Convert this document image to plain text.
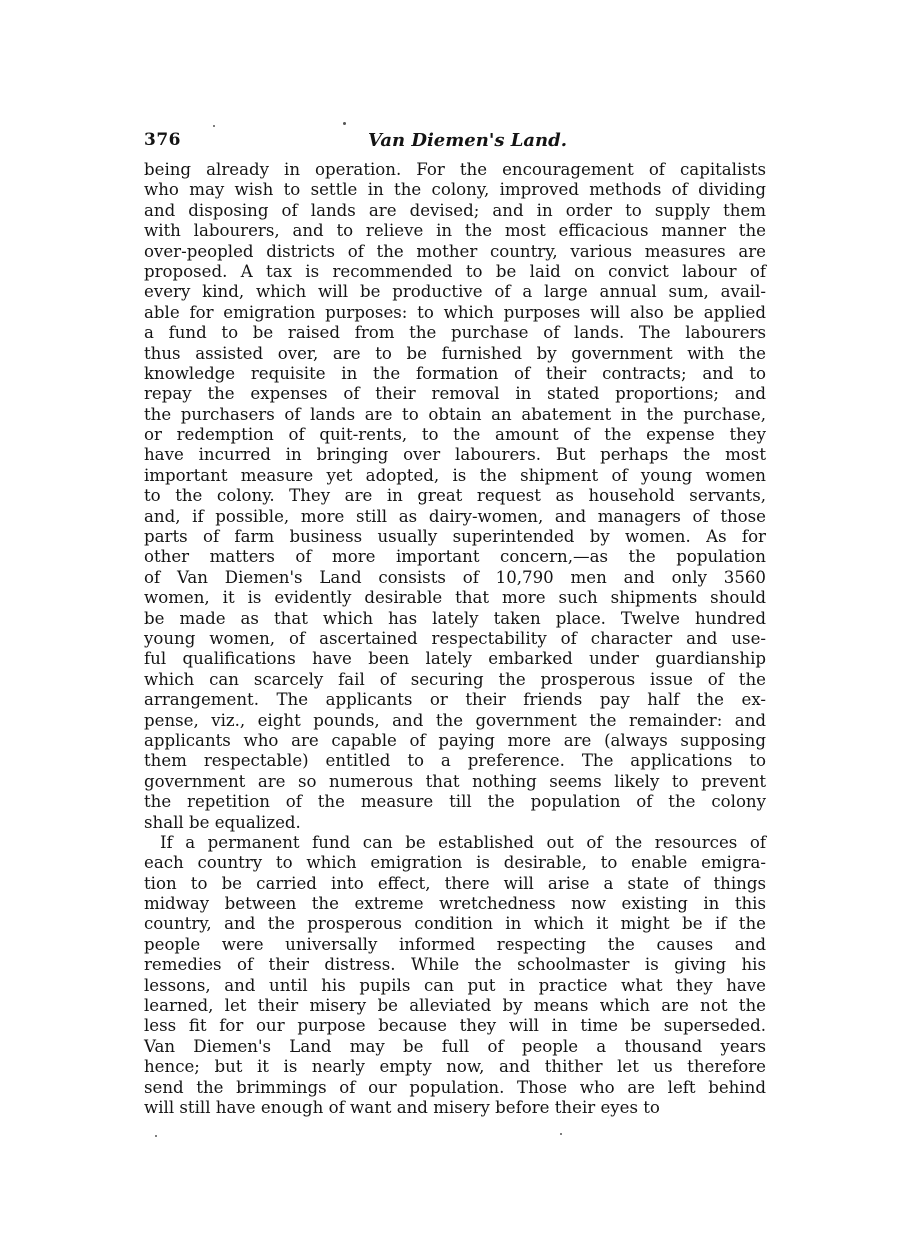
376	Van Diemen's Land.
being already in operation. For the encouragement of capitalists
who may wish to settle in the colony, improved methods of dividing
and disposing of lands are devised; and in order to supply them
with labourers, and to relieve in the most efficacious manner the
over-peopled districts of the mother country, various measures are
proposed. A tax is recommended to be laid on convict labour of
every kind, which will be productive of a large annual sum, avail-
able for emigration purposes: to which purposes will also be applied
a fund to be raised from the purchase of lands. The labourers
thus assisted over, are to be furnished by government with the
knowledge requisite in the formation of their contracts; and to
repay the expenses of their removal in stated proportions; and
the purchasers of lands are to obtain an abatement in the purchase,
or redemption of quit-rents, to the amount of the expense they
have incurred in bringing over labourers. But perhaps the most
important measure yet adopted, is the shipment of young women
to the colony. They are in great request as household servants,
and, if possible, more still as dairy-women, and managers of those
parts of farm business usually superintended by women. As for
other matters of more important concern,—as the population
of Van Diemen's Land consists of 10,790 men and only 3560
women, it is evidently desirable that more such shipments should
be made as that which has lately taken place. Twelve hundred
young women, of ascertained respectability of character and use-
ful qualifications have been lately embarked under guardianship
which can scarcely fail of securing the prosperous issue of the
arrangement. The applicants or their friends pay half the ex-
pense, viz., eight pounds, and the government the remainder: and
applicants who are capable of paying more are (always supposing
them respectable) entitled to a preference. The applications to
government are so numerous that nothing seems likely to prevent
the repetition of the measure till the population of the colony
shall be equalized.
If a permanent fund can be established out of the resources of
each country to which emigration is desirable, to enable emigra-
tion to be carried into effect, there will arise a state of things
midway between the extreme wretchedness now existing in this
country, and the prosperous condition in which it might be if the
people were universally informed respecting the causes and
remedies of their distress. While the schoolmaster is giving his
lessons, and until his pupils can put in practice what they have
learned, let their misery be alleviated by means which are not the
less fit for our purpose because they will in time be superseded.
Van Diemen's Land may be full of people a thousand years
hence; but it is nearly empty now, and thither let us therefore
send the brimmings of our population. Those who are left behind
will still have enough of want and misery before their eyes to
